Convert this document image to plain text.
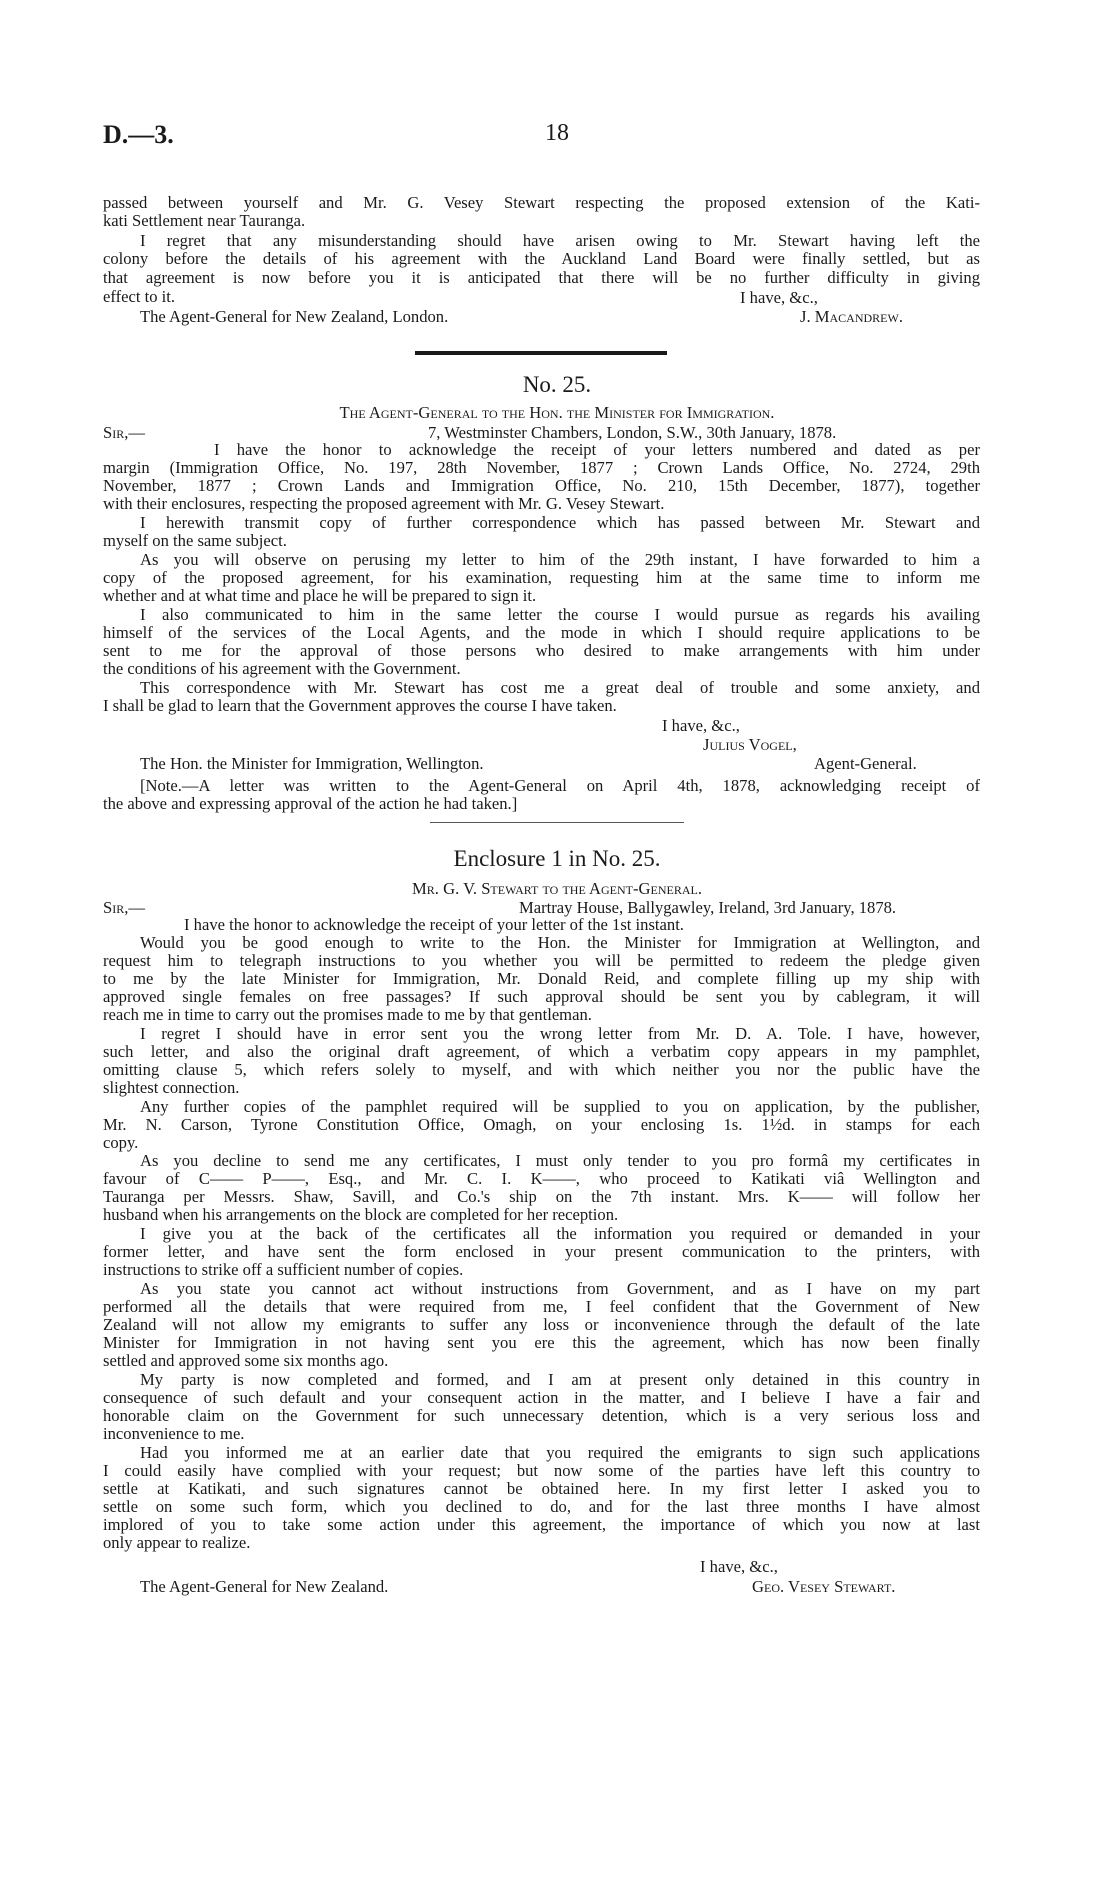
D.—3.	18
passed between yourself and Mr. G. Vesey Stewart respecting the proposed extension of the Kati-
kati Settlement near Tauranga.
I regret that any misunderstanding should have arisen owing to Mr. Stewart having left the
colony before the details of his agreement with the Auckland Land Board were finally settled, but as
that agreement is now before you it is anticipated that there will be no further difficulty in giving
effect to it.	I have, &c.,
The Agent-General for New Zealand, London.	J. Macandrew.
No. 25.
The Agent-General to the Hon. the Minister for Immigration.
Sir,—	7, Westminster Chambers, London, S.W., 30th January, 1878.
I have the honor to acknowledge the receipt of your letters numbered and dated as per
margin (Immigration Office, No. 197, 28th November, 1877 ; Crown Lands Office, No. 2724, 29th
November, 1877 ; Crown Lands and Immigration Office, No. 210, 15th December, 1877), together
with their enclosures, respecting the proposed agreement with Mr. G. Vesey Stewart.
I herewith transmit copy of further correspondence which has passed between Mr. Stewart and
myself on the same subject.
As you will observe on perusing my letter to him of the 29th instant, I have forwarded to him a
copy of the proposed agreement, for his examination, requesting him at the same time to inform me
whether and at what time and place he will be prepared to sign it.
I also communicated to him in the same letter the course I would pursue as regards his availing
himself of the services of the Local Agents, and the mode in which I should require applications to be
sent to me for the approval of those persons who desired to make arrangements with him under
the conditions of his agreement with the Government.
This correspondence with Mr. Stewart has cost me a great deal of trouble and some anxiety, and
I shall be glad to learn that the Government approves the course I have taken.
I have, &c.,
Julius Vogel,
The Hon. the Minister for Immigration, Wellington.	Agent-General.
[Note.—A letter was written to the Agent-General on April 4th, 1878, acknowledging receipt of
the above and expressing approval of the action he had taken.]
Enclosure 1 in No. 25.
Mr. G. V. Stewart to the Agent-General.
Sir,—	Martray House, Ballygawley, Ireland, 3rd January, 1878.
I have the honor to acknowledge the receipt of your letter of the 1st instant.
Would you be good enough to write to the Hon. the Minister for Immigration at Wellington, and
request him to telegraph instructions to you whether you will be permitted to redeem the pledge given
to me by the late Minister for Immigration, Mr. Donald Reid, and complete filling up my ship with
approved single females on free passages? If such approval should be sent you by cablegram, it will
reach me in time to carry out the promises made to me by that gentleman.
I regret I should have in error sent you the wrong letter from Mr. D. A. Tole. I have, however,
such letter, and also the original draft agreement, of which a verbatim copy appears in my pamphlet,
omitting clause 5, which refers solely to myself, and with which neither you nor the public have the
slightest connection.
Any further copies of the pamphlet required will be supplied to you on application, by the publisher,
Mr. N. Carson, Tyrone Constitution Office, Omagh, on your enclosing 1s. 1½d. in stamps for each
copy.
As you decline to send me any certificates, I must only tender to you pro formâ my certificates in
favour of C—— P——, Esq., and Mr. C. I. K——, who proceed to Katikati viâ Wellington and
Tauranga per Messrs. Shaw, Savill, and Co.'s ship on the 7th instant. Mrs. K—— will follow her
husband when his arrangements on the block are completed for her reception.
I give you at the back of the certificates all the information you required or demanded in your
former letter, and have sent the form enclosed in your present communication to the printers, with
instructions to strike off a sufficient number of copies.
As you state you cannot act without instructions from Government, and as I have on my part
performed all the details that were required from me, I feel confident that the Government of New
Zealand will not allow my emigrants to suffer any loss or inconvenience through the default of the late
Minister for Immigration in not having sent you ere this the agreement, which has now been finally
settled and approved some six months ago.
My party is now completed and formed, and I am at present only detained in this country in
consequence of such default and your consequent action in the matter, and I believe I have a fair and
honorable claim on the Government for such unnecessary detention, which is a very serious loss and
inconvenience to me.
Had you informed me at an earlier date that you required the emigrants to sign such applications
I could easily have complied with your request; but now some of the parties have left this country to
settle at Katikati, and such signatures cannot be obtained here. In my first letter I asked you to
settle on some such form, which you declined to do, and for the last three months I have almost
implored of you to take some action under this agreement, the importance of which you now at last
only appear to realize.
I have, &c.,
The Agent-General for New Zealand.	Geo. Vesey Stewart.
